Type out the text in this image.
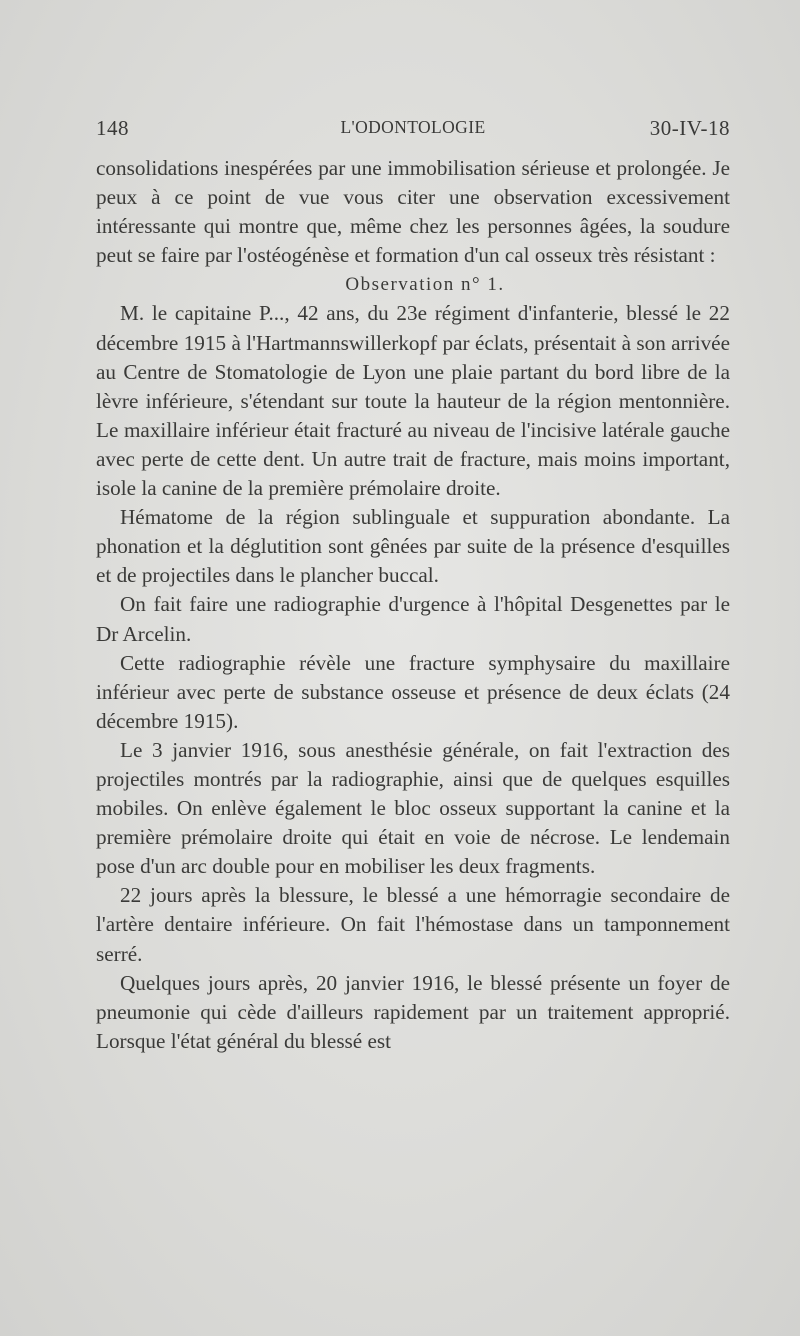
148	L'ODONTOLOGIE	30-IV-18

consolidations inespérées par une immobilisation sérieuse et prolongée. Je peux à ce point de vue vous citer une observation excessivement intéressante qui montre que, même chez les personnes âgées, la soudure peut se faire par l'ostéogénèse et formation d'un cal osseux très résistant :

Observation n° 1.

M. le capitaine P..., 42 ans, du 23e régiment d'infanterie, blessé le 22 décembre 1915 à l'Hartmannswillerkopf par éclats, présentait à son arrivée au Centre de Stomatologie de Lyon une plaie partant du bord libre de la lèvre inférieure, s'étendant sur toute la hauteur de la région mentonnière. Le maxillaire inférieur était fracturé au niveau de l'incisive latérale gauche avec perte de cette dent. Un autre trait de fracture, mais moins important, isole la canine de la première prémolaire droite.

Hématome de la région sublinguale et suppuration abondante. La phonation et la déglutition sont gênées par suite de la présence d'esquilles et de projectiles dans le plancher buccal.

On fait faire une radiographie d'urgence à l'hôpital Desgenettes par le Dr Arcelin.

Cette radiographie révèle une fracture symphysaire du maxillaire inférieur avec perte de substance osseuse et présence de deux éclats (24 décembre 1915).

Le 3 janvier 1916, sous anesthésie générale, on fait l'extraction des projectiles montrés par la radiographie, ainsi que de quelques esquilles mobiles. On enlève également le bloc osseux supportant la canine et la première prémolaire droite qui était en voie de nécrose. Le lendemain pose d'un arc double pour en mobiliser les deux fragments.

22 jours après la blessure, le blessé a une hémorragie secondaire de l'artère dentaire inférieure. On fait l'hémostase dans un tamponnement serré.

Quelques jours après, 20 janvier 1916, le blessé présente un foyer de pneumonie qui cède d'ailleurs rapidement par un traitement approprié. Lorsque l'état général du blessé est
